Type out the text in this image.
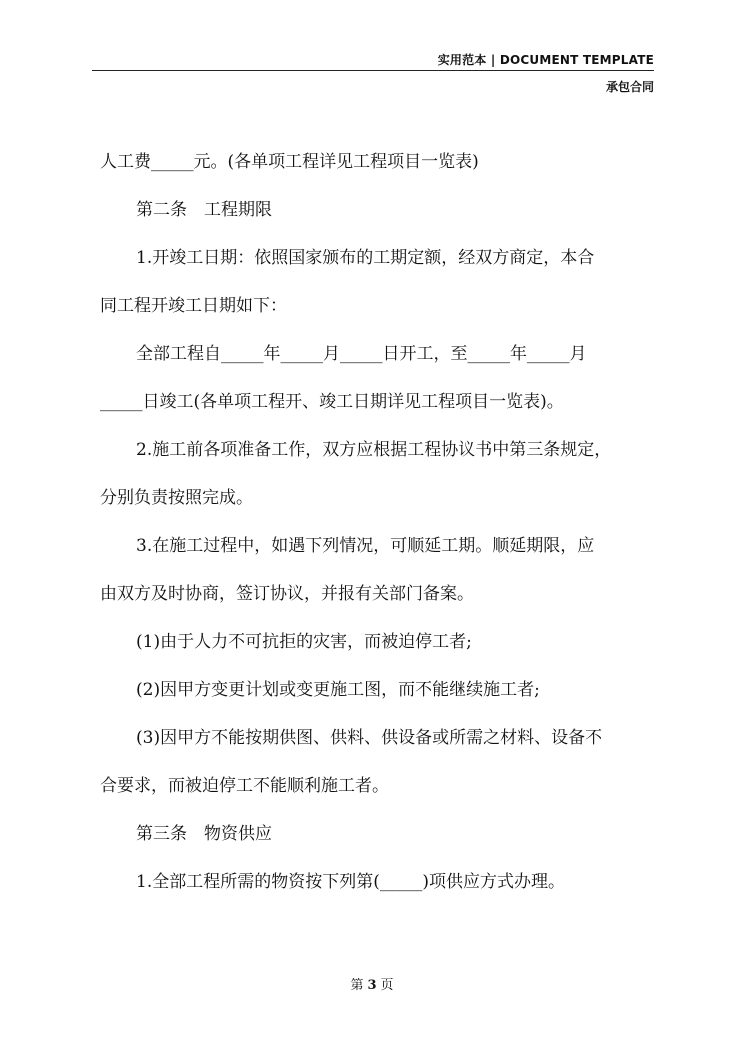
实用范本 | DOCUMENT TEMPLATE
承包合同

人工费_____元。(各单项工程详见工程项目一览表)

第二条　工程期限

1.开竣工日期：依照国家颁布的工期定额，经双方商定，本合

同工程开竣工日期如下：

全部工程自_____年_____月_____日开工，至_____年_____月

_____日竣工(各单项工程开、竣工日期详见工程项目一览表)。

2.施工前各项准备工作，双方应根据工程协议书中第三条规定，

分别负责按照完成。

3.在施工过程中，如遇下列情况，可顺延工期。顺延期限，应

由双方及时协商，签订协议，并报有关部门备案。

(1)由于人力不可抗拒的灾害，而被迫停工者;

(2)因甲方变更计划或变更施工图，而不能继续施工者;

(3)因甲方不能按期供图、供料、供设备或所需之材料、设备不

合要求，而被迫停工不能顺利施工者。

第三条　物资供应

1.全部工程所需的物资按下列第(_____)项供应方式办理。

第 3 页
